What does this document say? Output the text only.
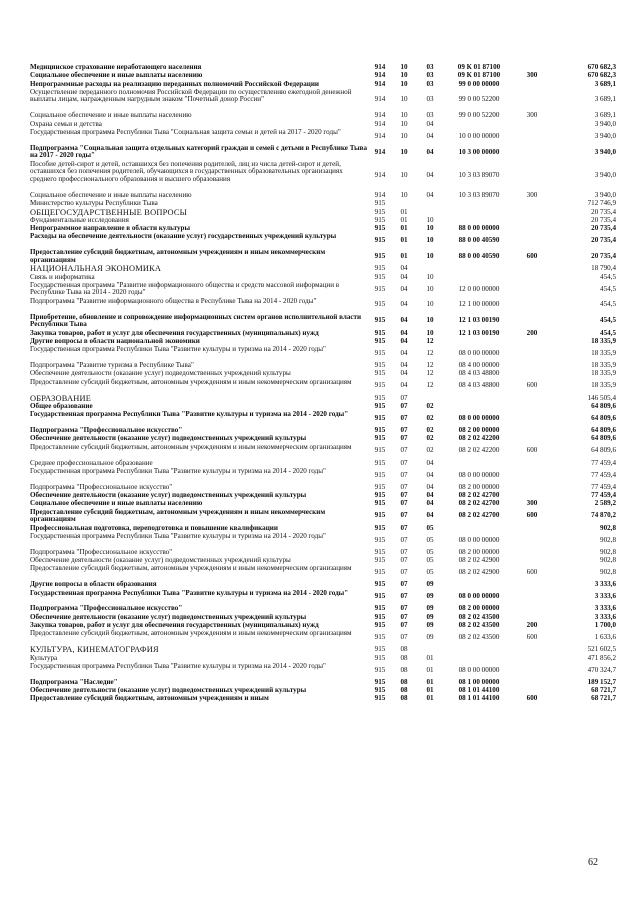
Медицинское страхование неработающего населения	914	10	03	09 К 01 87100	670 682,3
Социальное обеспечение и иные выплаты населению	914	10	03	09 К 01 87100	300	670 682,3
Непрограммные расходы на реализацию переданных полномочий Российской Федерации	914	10	03	99 0 00 00000	3 689,1
Осуществление переданного полномочия Российской Федерации по осуществлению ежегодной денежной выплаты лицам, награжденным нагрудным знаком "Почетный донор России"	914	10	03	99 0 00 52200	3 689,1
Социальное обеспечение и иные выплаты населению	914	10	03	99 0 00 52200	300	3 689,1
Охрана семьи и детства	914	10	04	3 940,0
Государственная программа Республики Тыва "Социальная защита семьи и детей на 2017 - 2020 годы"	914	10	04	10 0 00 00000	3 940,0
Подпрограмма "Социальная защита отдельных категорий граждан и семей с детьми в Республике Тыва на 2017 - 2020 годы"	914	10	04	10 3 00 00000	3 940,0
Пособие детей-сирот и детей, оставшихся без попечения родителей, лиц из числа детей-сирот и детей, оставшихся без попечения родителей, обучающихся в государственных образовательных организациях среднего профессионального образования и высшего образования	914	10	04	10 3 03 89070	3 940,0
Социальное обеспечение и иные выплаты населению	914	10	04	10 3 03 89070	300	3 940,0
Министерство культуры Республики Тыва	915	712 746,9
ОБЩЕГОСУДАРСТВЕННЫЕ ВОПРОСЫ	915	01	20 735,4
Фундаментальные исследования	915	01	10	20 735,4
Непрограммное направление в области культуры	915	01	10	88 0 00 00000	20 735,4
Расходы на обеспечение деятельности (оказание услуг) государственных учреждений культуры	915	01	10	88 0 00 40590	20 735,4
Предоставление субсидий бюджетным, автономным учреждениям и иным некоммерческим организациям	915	01	10	88 0 00 40590	600	20 735,4
НАЦИОНАЛЬНАЯ ЭКОНОМИКА	915	04	18 790,4
Связь и информатика	915	04	10	454,5
Государственная программа "Развитие информационного общества и средств массовой информации в Республике Тыва на 2014 - 2020 годы"	915	04	10	12 0 00 00000	454,5
Подпрограмма "Развитие информационного общества в Республике Тыва на 2014 - 2020 годы"	915	04	10	12 1 00 00000	454,5
Приобретение, обновление и сопровождение информационных систем органов исполнительной власти Республики Тыва	915	04	10	12 1 03 00190	454,5
Закупка товаров, работ и услуг для обеспечения государственных (муниципальных) нужд	915	04	10	12 1 03 00190	200	454,5
Другие вопросы в области национальной экономики	915	04	12	18 335,9
Государственная программа Республики Тыва "Развитие культуры и туризма на 2014 - 2020 годы"	915	04	12	08 0 00 00000	18 335,9
Подпрограмма "Развитие туризма в Республике Тыва"	915	04	12	08 4 00 00000	18 335,9
Обеспечение деятельности (оказание услуг) подведомственных учреждений культуры	915	04	12	08 4 03 48800	18 335,9
Предоставление субсидий бюджетным, автономным учреждениям и иным некоммерческим организациям	915	04	12	08 4 03 48800	600	18 335,9
ОБРАЗОВАНИЕ	915	07	146 505,4
Общее образование	915	07	02	64 809,6
Государственная программа Республики Тыва "Развитие культуры и туризма на 2014 - 2020 годы"	915	07	02	08 0 00 00000	64 809,6
Подпрограмма "Профессиональное искусство"	915	07	02	08 2 00 00000	64 809,6
Обеспечение деятельности (оказание услуг) подведомственных учреждений культуры	915	07	02	08 2 02 42200	64 809,6
Предоставление субсидий бюджетным, автономным учреждениям и иным некоммерческим организациям	915	07	02	08 2 02 42200	600	64 809,6
Среднее профессиональное образование	915	07	04	77 459,4
Государственная программа Республики Тыва "Развитие культуры и туризма на 2014 - 2020 годы"	915	07	04	08 0 00 00000	77 459,4
Подпрограмма "Профессиональное искусство"	915	07	04	08 2 00 00000	77 459,4
Обеспечение деятельности (оказание услуг) подведомственных учреждений культуры	915	07	04	08 2 02 42700	77 459,4
Социальное обеспечение и иные выплаты населению	915	07	04	08 2 02 42700	300	2 589,2
Предоставление субсидий бюджетным, автономным учреждениям и иным некоммерческим организациям	915	07	04	08 2 02 42700	600	74 870,2
Профессиональная подготовка, переподготовка и повышение квалификации	915	07	05	902,8
Государственная программа Республики Тыва "Развитие культуры и туризма на 2014 - 2020 годы"	915	07	05	08 0 00 00000	902,8
Подпрограмма "Профессиональное искусство"	915	07	05	08 2 00 00000	902,8
Обеспечение деятельности (оказание услуг) подведомственных учреждений культуры	915	07	05	08 2 02 42900	902,8
Предоставление субсидий бюджетным, автономным учреждениям и иным некоммерческим организациям	915	07	05	08 2 02 42900	600	902,8
Другие вопросы в области образования	915	07	09	3 333,6
Государственная программа Республики Тыва "Развитие культуры и туризма на 2014 - 2020 годы"	915	07	09	08 0 00 00000	3 333,6
Подпрограмма "Профессиональное искусство"	915	07	09	08 2 00 00000	3 333,6
Обеспечение деятельности (оказание услуг) подведомственных учреждений культуры	915	07	09	08 2 02 43500	3 333,6
Закупка товаров, работ и услуг для обеспечения государственных (муниципальных) нужд	915	07	09	08 2 02 43500	200	1 700,0
Предоставление субсидий бюджетным, автономным учреждениям и иным некоммерческим организациям	915	07	09	08 2 02 43500	600	1 633,6
КУЛЬТУРА, КИНЕМАТОГРАФИЯ	915	08	521 602,5
Культура	915	08	01	471 856,2
Государственная программа Республики Тыва "Развитие культуры и туризма на 2014 - 2020 годы"	915	08	01	08 0 00 00000	470 324,7
Подпрограмма "Наследие"	915	08	01	08 1 00 00000	189 152,7
Обеспечение деятельности (оказание услуг) подведомственных учреждений культуры	915	08	01	08 1 01 44100	68 721,7
Предоставление субсидий бюджетным, автономным учреждениям и иным	915	08	01	08 1 01 44100	600	68 721,7
62
